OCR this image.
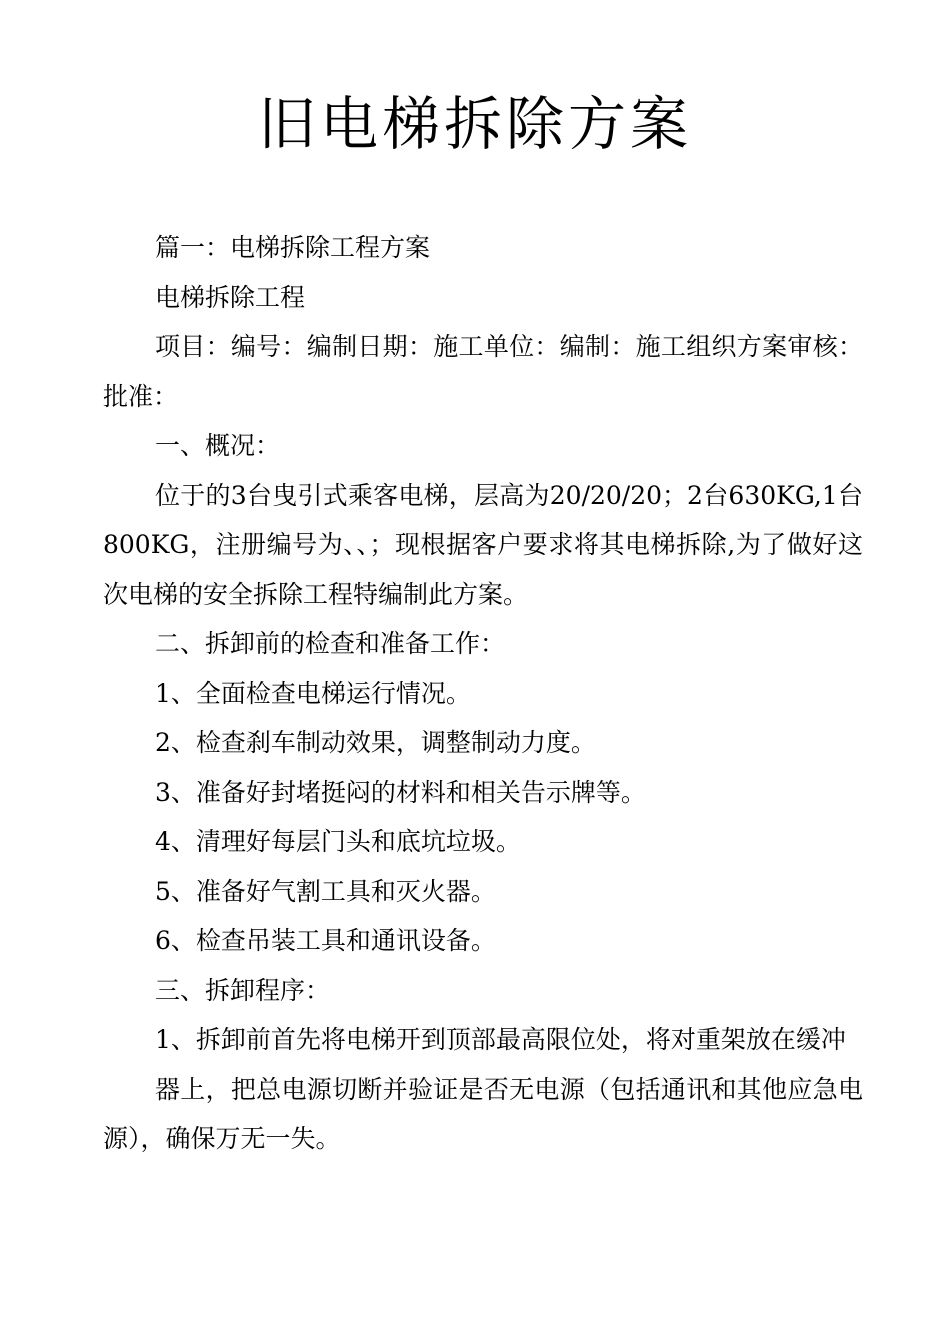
旧电梯拆除方案

篇一：电梯拆除工程方案

电梯拆除工程

项目：编号：编制日期：施工单位：编制：施工组织方案审核：批准：

一、概况：

位于的3台曳引式乘客电梯，层高为20/20/20；2台630KG,1台800KG，注册编号为、、；现根据客户要求将其电梯拆除,为了做好这次电梯的安全拆除工程特编制此方案。

二、拆卸前的检查和准备工作：

1、全面检查电梯运行情况。

2、检查刹车制动效果，调整制动力度。

3、准备好封堵挺闷的材料和相关告示牌等。

4、清理好每层门头和底坑垃圾。

5、准备好气割工具和灭火器。

6、检查吊装工具和通讯设备。

三、拆卸程序：

1、拆卸前首先将电梯开到顶部最高限位处，将对重架放在缓冲

器上，把总电源切断并验证是否无电源（包括通讯和其他应急电源），确保万无一失。
